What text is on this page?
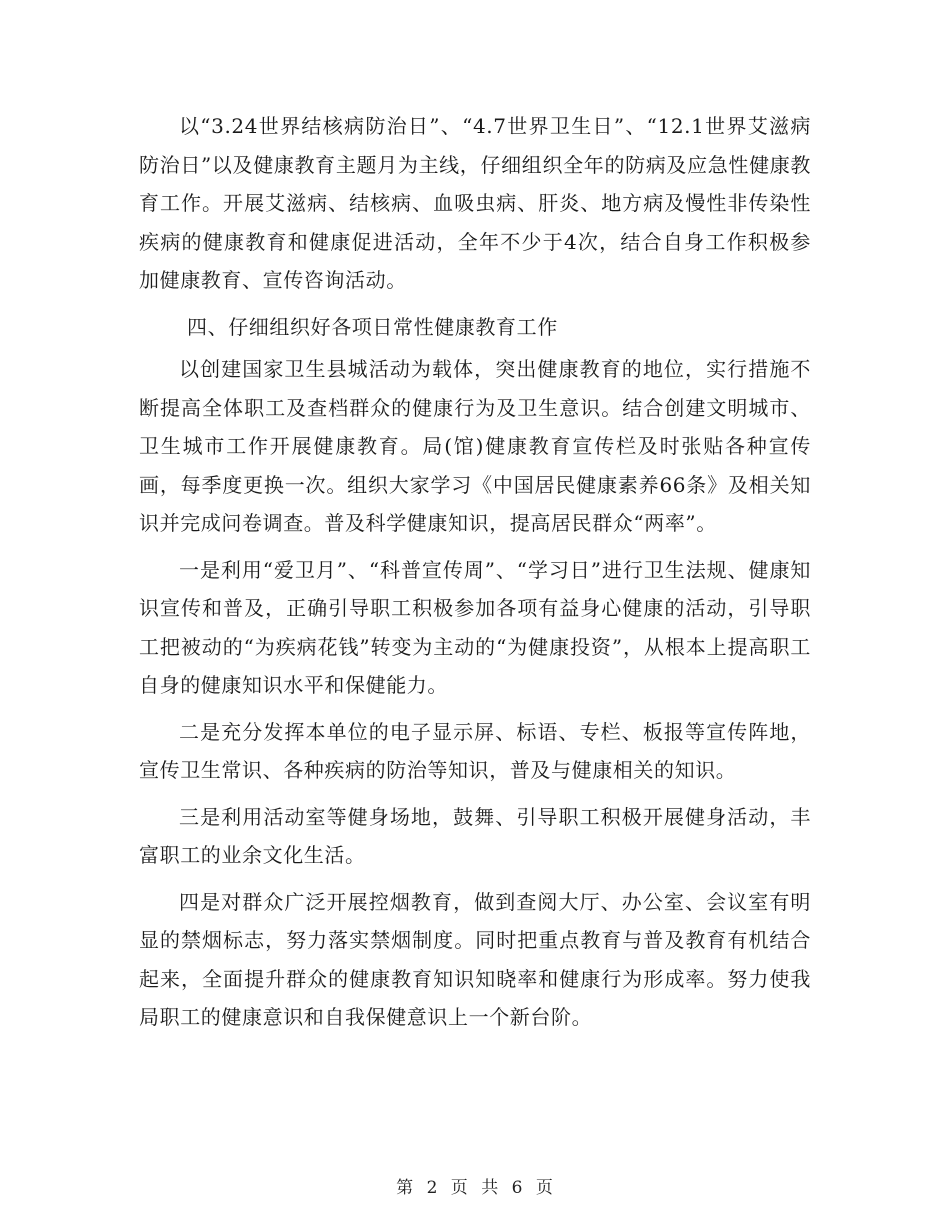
以“3.24世界结核病防治日”、“4.7世界卫生日”、“12.1世界艾滋病防治日”以及健康教育主题月为主线，仔细组织全年的防病及应急性健康教育工作。开展艾滋病、结核病、血吸虫病、肝炎、地方病及慢性非传染性疾病的健康教育和健康促进活动，全年不少于4次，结合自身工作积极参加健康教育、宣传咨询活动。

四、仔细组织好各项日常性健康教育工作

以创建国家卫生县城活动为载体，突出健康教育的地位，实行措施不断提高全体职工及查档群众的健康行为及卫生意识。结合创建文明城市、卫生城市工作开展健康教育。局(馆)健康教育宣传栏及时张贴各种宣传画，每季度更换一次。组织大家学习《中国居民健康素养66条》及相关知识并完成问卷调查。普及科学健康知识，提高居民群众“两率”。

一是利用“爱卫月”、“科普宣传周”、“学习日”进行卫生法规、健康知识宣传和普及，正确引导职工积极参加各项有益身心健康的活动，引导职工把被动的“为疾病花钱”转变为主动的“为健康投资”，从根本上提高职工自身的健康知识水平和保健能力。

二是充分发挥本单位的电子显示屏、标语、专栏、板报等宣传阵地，宣传卫生常识、各种疾病的防治等知识，普及与健康相关的知识。

三是利用活动室等健身场地，鼓舞、引导职工积极开展健身活动，丰富职工的业余文化生活。

四是对群众广泛开展控烟教育，做到查阅大厅、办公室、会议室有明显的禁烟标志，努力落实禁烟制度。同时把重点教育与普及教育有机结合起来，全面提升群众的健康教育知识知晓率和健康行为形成率。努力使我局职工的健康意识和自我保健意识上一个新台阶。

第 2 页 共 6 页
